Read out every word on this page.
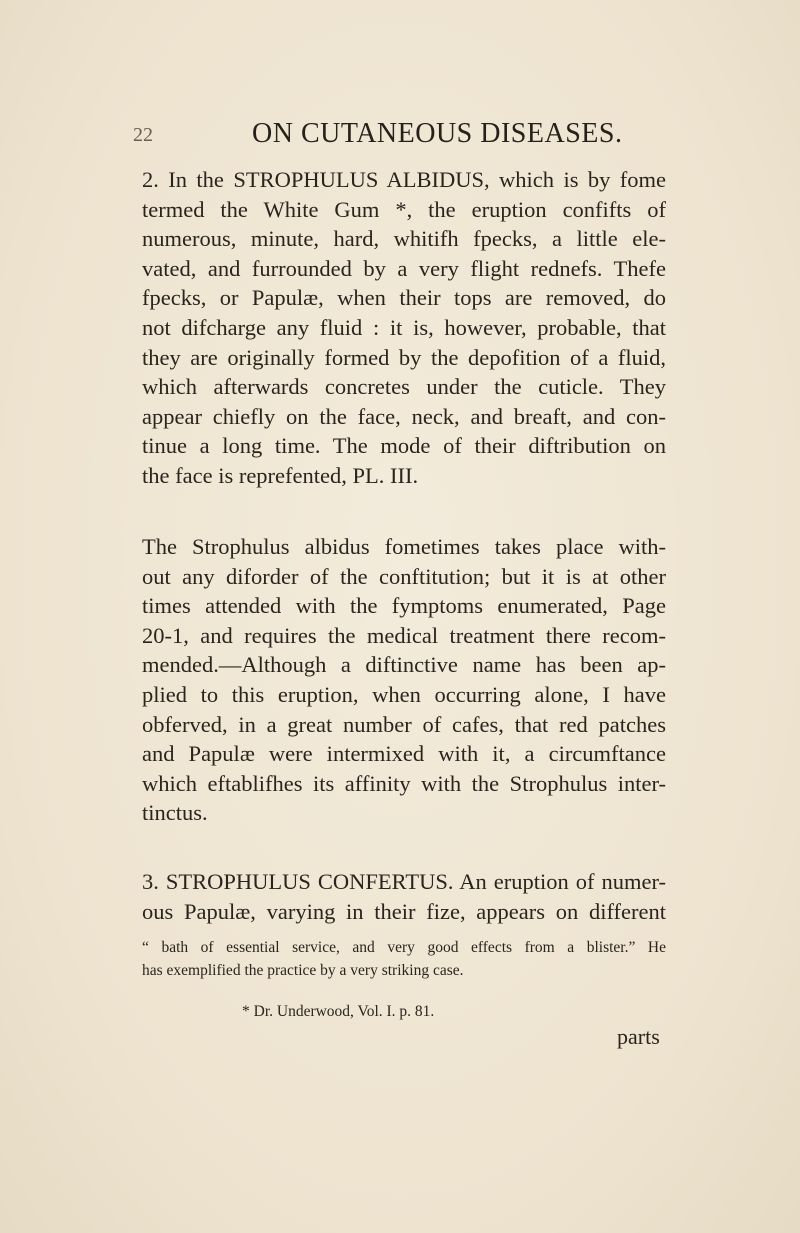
22	ON CUTANEOUS DISEASES.
2. In the STROPHULUS ALBIDUS, which is by fome
termed the White Gum *, the eruption confifts of
numerous, minute, hard, whitifh fpecks, a little ele-
vated, and furrounded by a very flight rednefs. Thefe
fpecks, or Papulæ, when their tops are removed, do
not difcharge any fluid : it is, however, probable, that
they are originally formed by the depofition of a fluid,
which afterwards concretes under the cuticle. They
appear chiefly on the face, neck, and breaft, and con-
tinue a long time. The mode of their diftribution on
the face is reprefented, PL. III.
The Strophulus albidus fometimes takes place with-
out any diforder of the conftitution; but it is at other
times attended with the fymptoms enumerated, Page
20-1, and requires the medical treatment there recom-
mended.—Although a diftinctive name has been ap-
plied to this eruption, when occurring alone, I have
obferved, in a great number of cafes, that red patches
and Papulæ were intermixed with it, a circumftance
which eftablifhes its affinity with the Strophulus inter-
tinctus.
3. STROPHULUS CONFERTUS. An eruption of numer-
ous Papulæ, varying in their fize, appears on different
“ bath of essential service, and very good effects from a blister.” He
has exemplified the practice by a very striking case.
* Dr. Underwood, Vol. I. p. 81.
parts
